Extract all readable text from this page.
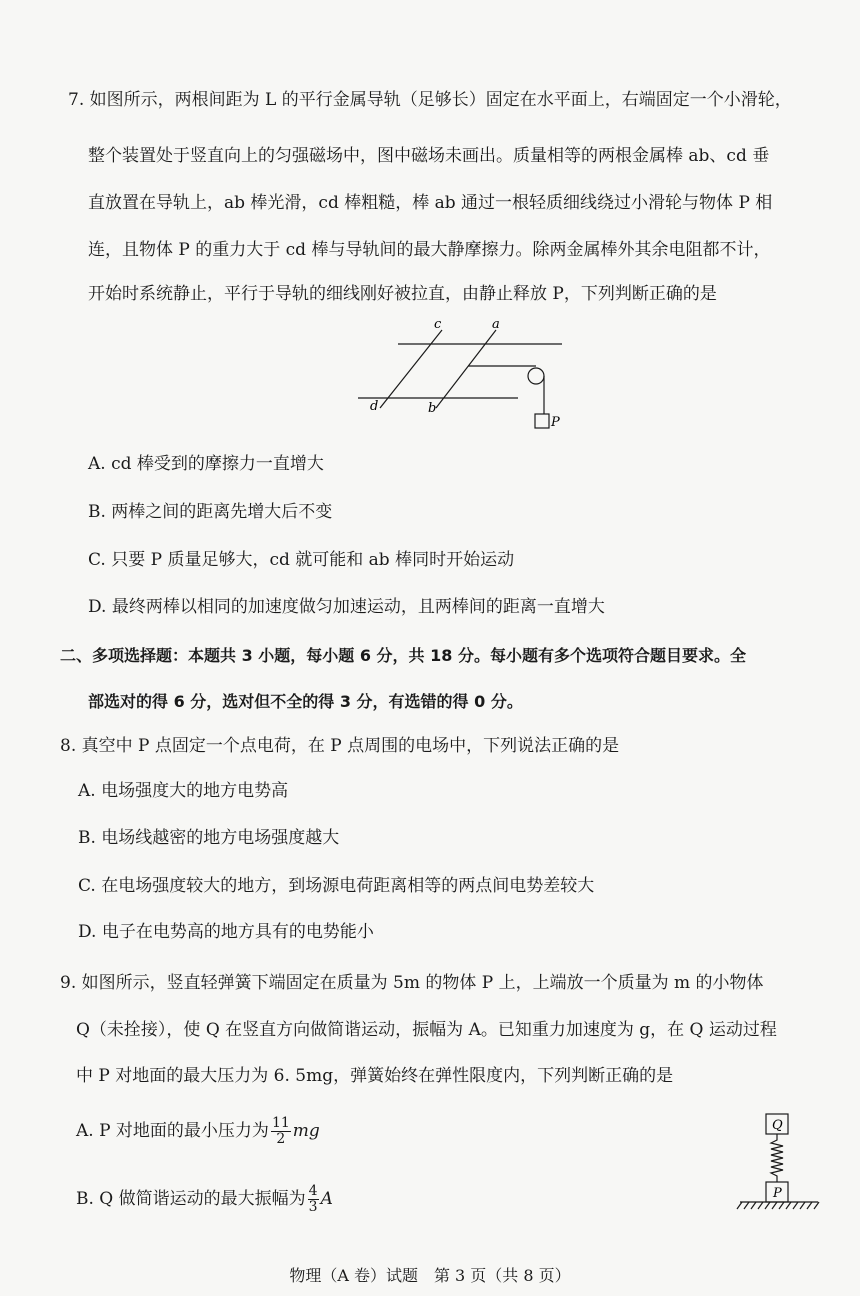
7. 如图所示，两根间距为 L 的平行金属导轨（足够长）固定在水平面上，右端固定一个小滑轮，
整个装置处于竖直向上的匀强磁场中，图中磁场未画出。质量相等的两根金属棒 ab、cd 垂
直放置在导轨上，ab 棒光滑，cd 棒粗糙，棒 ab 通过一根轻质细线绕过小滑轮与物体 P 相
连，且物体 P 的重力大于 cd 棒与导轨间的最大静摩擦力。除两金属棒外其余电阻都不计，
开始时系统静止，平行于导轨的细线刚好被拉直，由静止释放 P，下列判断正确的是
c	a
d	b
P
A. cd 棒受到的摩擦力一直增大
B. 两棒之间的距离先增大后不变
C. 只要 P 质量足够大，cd 就可能和 ab 棒同时开始运动
D. 最终两棒以相同的加速度做匀加速运动，且两棒间的距离一直增大
二、多项选择题：本题共 3 小题，每小题 6 分，共 18 分。每小题有多个选项符合题目要求。全
部选对的得 6 分，选对但不全的得 3 分，有选错的得 0 分。
8. 真空中 P 点固定一个点电荷，在 P 点周围的电场中，下列说法正确的是
A. 电场强度大的地方电势高
B. 电场线越密的地方电场强度越大
C. 在电场强度较大的地方，到场源电荷距离相等的两点间电势差较大
D. 电子在电势高的地方具有的电势能小
9. 如图所示，竖直轻弹簧下端固定在质量为 5m 的物体 P 上，上端放一个质量为 m 的小物体
Q（未拴接），使 Q 在竖直方向做简谐运动，振幅为 A。已知重力加速度为 g，在 Q 运动过程
中 P 对地面的最大压力为 6. 5mg，弹簧始终在弹性限度内，下列判断正确的是
A. P 对地面的最小压力为 $\frac{11}{2}$ mg
B. Q 做简谐运动的最大振幅为 $\frac{4}{3}$ A
Q
P
物理（A 卷）试题　第 3 页（共 8 页）
